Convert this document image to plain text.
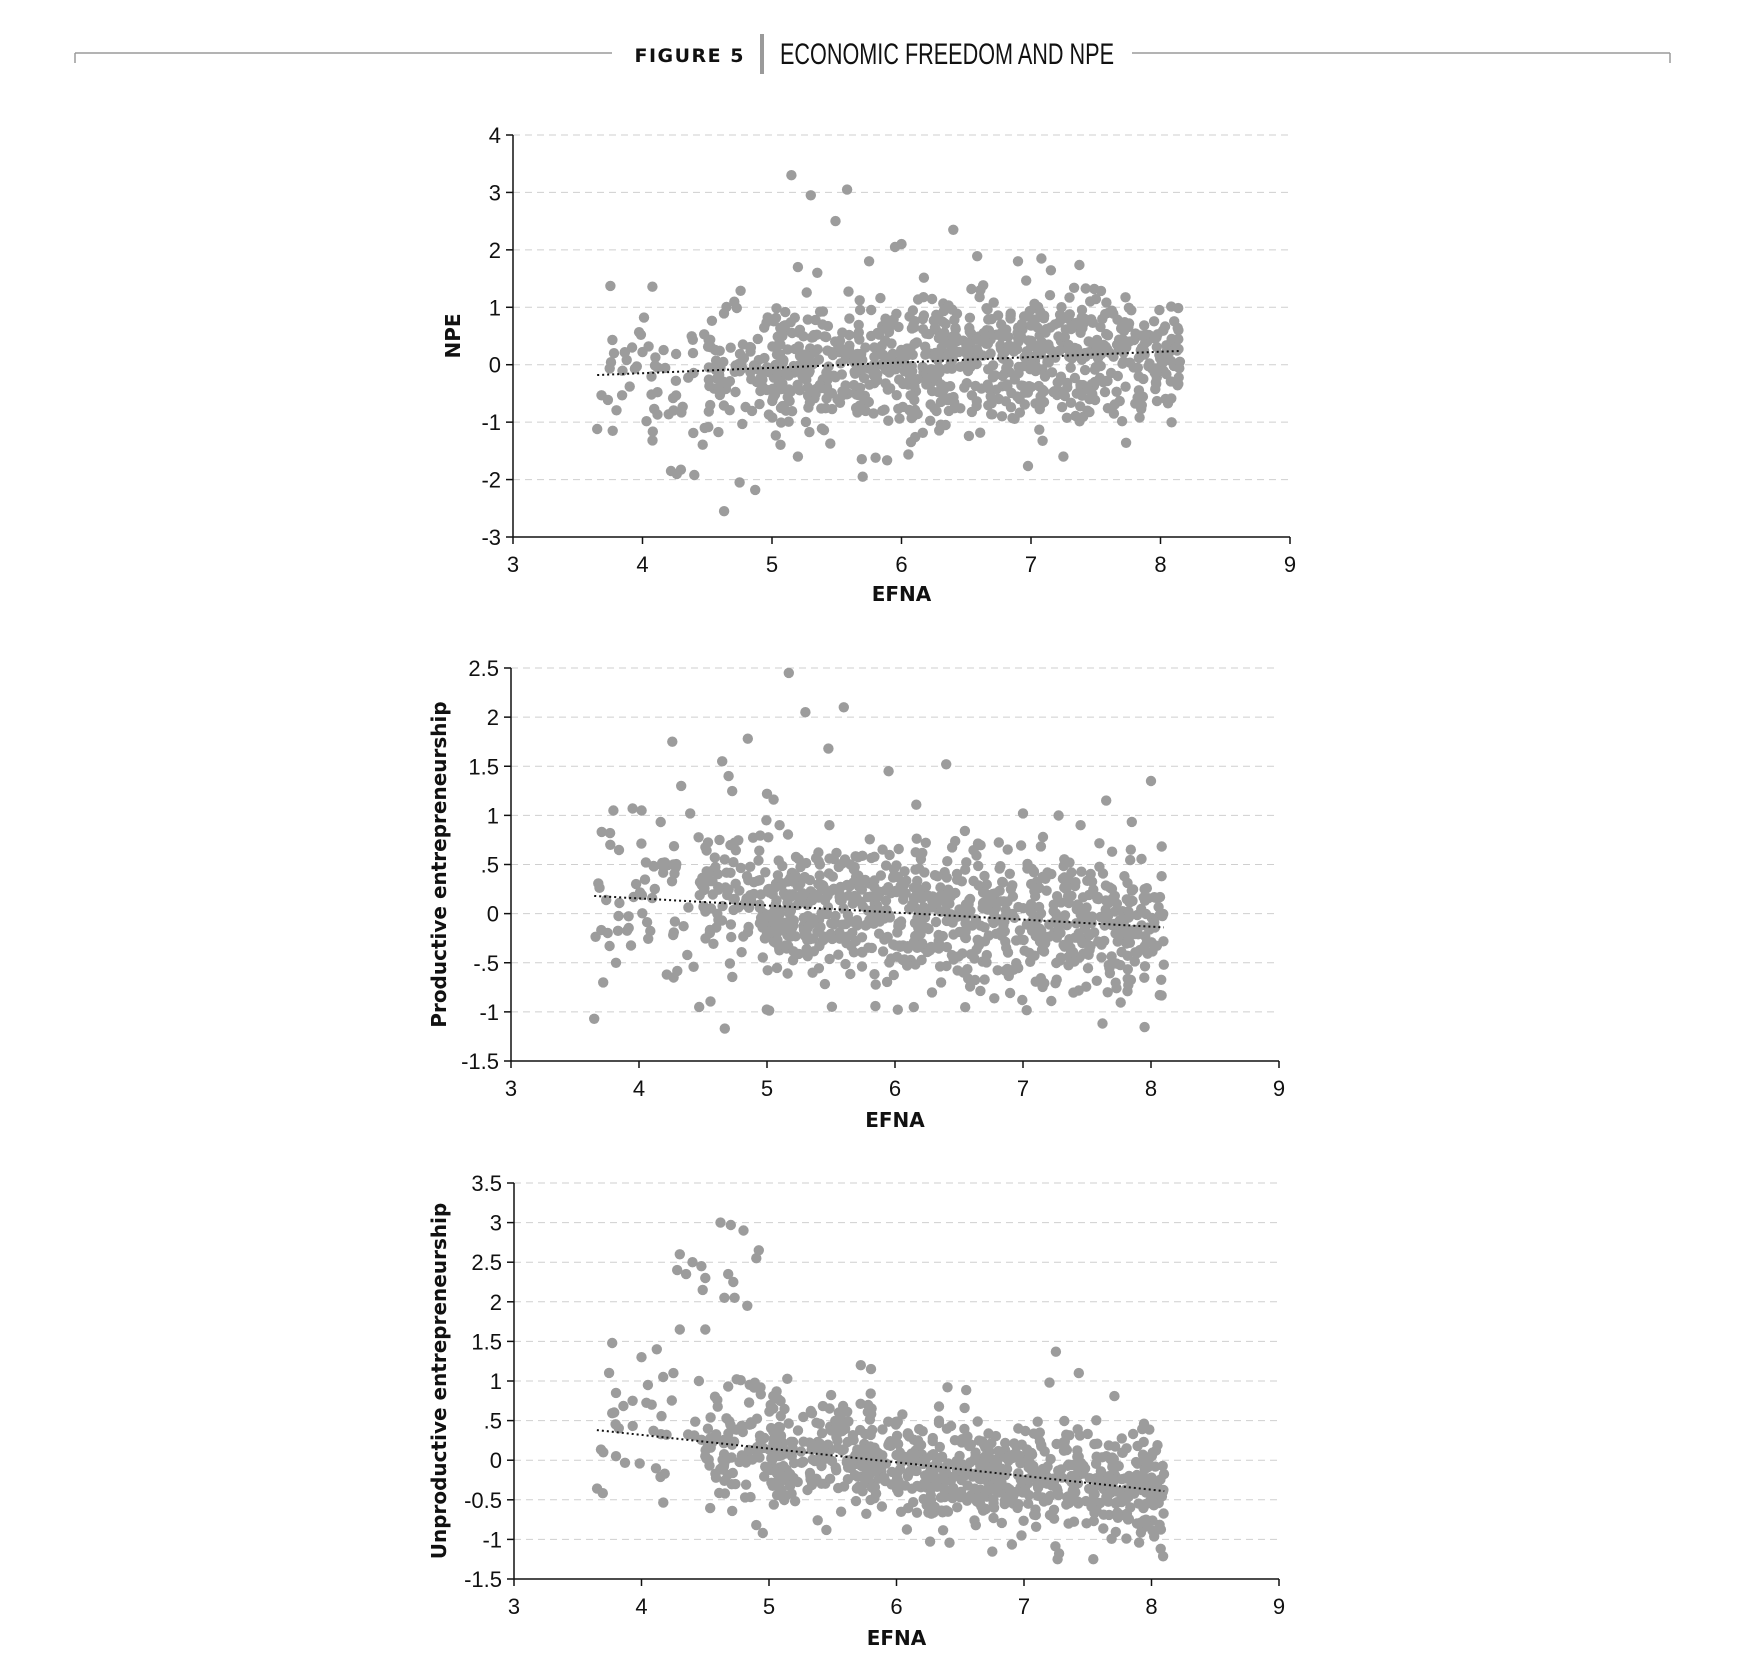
FIGURE 5 ECONOMIC FREEDOM AND NPE
-3
-2
-1
0
1
2
3
4
3	4	5	6	7	8	9
EFNA
NPE
-1.5
-1
-.5
0
.5
1
1.5
2
2.5
3	4	5	6	7	8	9
EFNA
Productive entrepreneurship
-1.5
-1
-0.5
0
.5
1
1.5
2
2.5
3
3.5
3	4	5	6	7	8	9
EFNA
Unproductive entrepreneurship
